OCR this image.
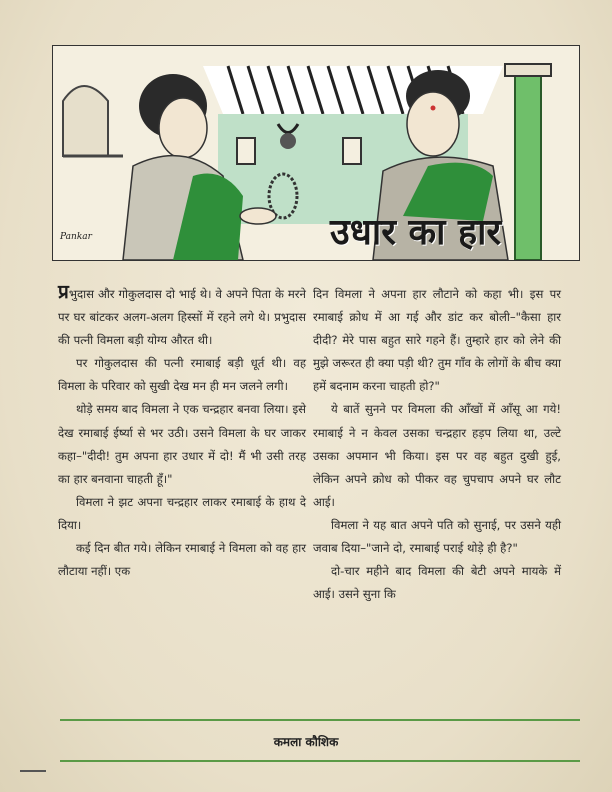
Pankar	उधार का हार

प्रभुदास और गोकुलदास दो भाई थे। वे अपने पिता के मरने पर घर बांटकर अलग-अलग हिस्सों में रहने लगे थे। प्रभुदास की पत्नी विमला बड़ी योग्य औरत थी।

पर गोकुलदास की पत्नी रमाबाई बड़ी धूर्त थी। वह विमला के परिवार को सुखी देख मन ही मन जलने लगी।

थोड़े समय बाद विमला ने एक चन्द्रहार बनवा लिया। इसे देख रमाबाई ईर्ष्या से भर उठी। उसने विमला के घर जाकर कहा–"दीदी! तुम अपना हार उधार में दो! मैं भी उसी तरह का हार बनवाना चाहती हूँ।"

विमला ने झट अपना चन्द्रहार लाकर रमाबाई के हाथ दे दिया।

कई दिन बीत गये। लेकिन रमाबाई ने विमला को वह हार लौटाया नहीं। एक

दिन विमला ने अपना हार लौटाने को कहा भी। इस पर रमाबाई क्रोध में आ गई और डांट कर बोली–"कैसा हार दीदी? मेरे पास बहुत सारे गहने हैं। तुम्हारे हार को लेने की मुझे जरूरत ही क्या पड़ी थी? तुम गाँव के लोगों के बीच क्या हमें बदनाम करना चाहती हो?"

ये बातें सुनने पर विमला की आँखों में आँसू आ गये! रमाबाई ने न केवल उसका चन्द्रहार हड़प लिया था, उल्टे उसका अपमान भी किया। इस पर वह बहुत दुखी हुई, लेकिन अपने क्रोध को पीकर वह चुपचाप अपने घर लौट आई।

विमला ने यह बात अपने पति को सुनाई, पर उसने यही जवाब दिया–"जाने दो, रमाबाई पराई थोड़े ही है?"

दो-चार महीने बाद विमला की बेटी अपने मायके में आई। उसने सुना कि

कमला कौशिक
